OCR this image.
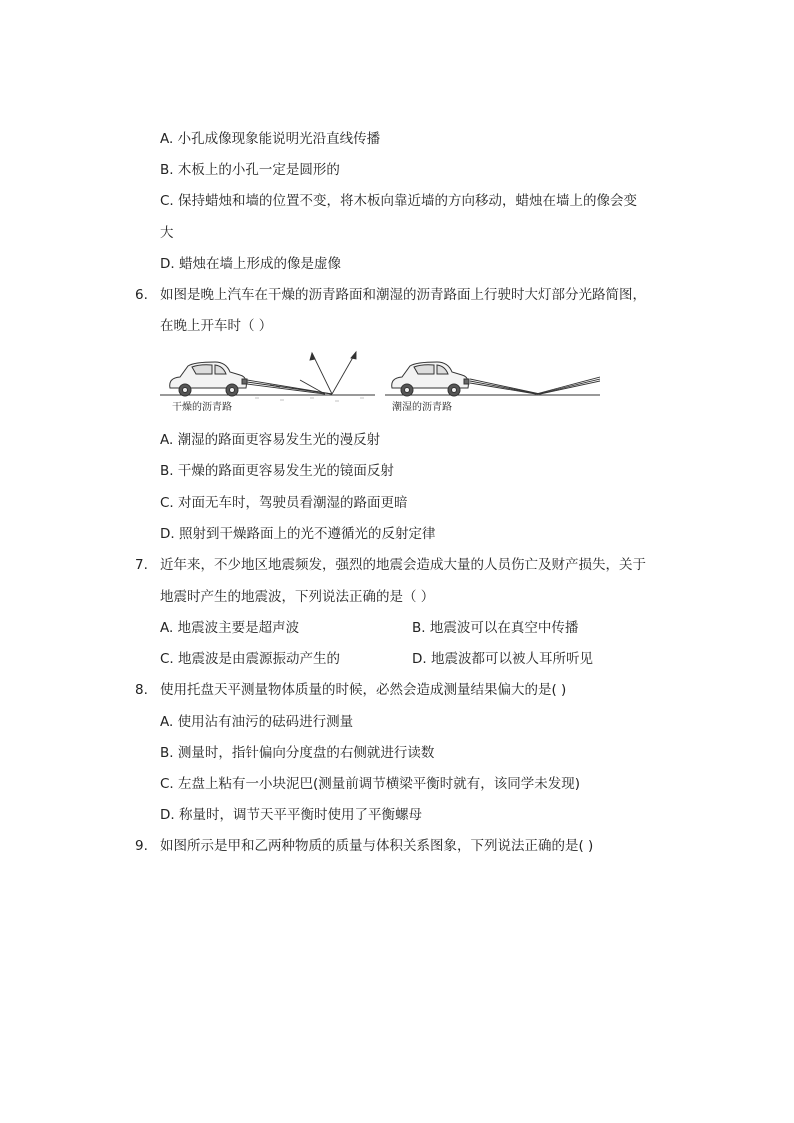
A. 小孔成像现象能说明光沿直线传播
B. 木板上的小孔一定是圆形的
C. 保持蜡烛和墙的位置不变，将木板向靠近墙的方向移动，蜡烛在墙上的像会变
大
D. 蜡烛在墙上形成的像是虚像
6. 如图是晚上汽车在干燥的沥青路面和潮湿的沥青路面上行驶时大灯部分光路简图，
在晚上开车时（ ）
干燥的沥青路	潮湿的沥青路
A. 潮湿的路面更容易发生光的漫反射
B. 干燥的路面更容易发生光的镜面反射
C. 对面无车时，驾驶员看潮湿的路面更暗
D. 照射到干燥路面上的光不遵循光的反射定律
7. 近年来，不少地区地震频发，强烈的地震会造成大量的人员伤亡及财产损失，关于
地震时产生的地震波，下列说法正确的是（ ）
A. 地震波主要是超声波	B. 地震波可以在真空中传播
C. 地震波是由震源振动产生的	D. 地震波都可以被人耳所听见
8. 使用托盘天平测量物体质量的时候，必然会造成测量结果偏大的是( )
A. 使用沾有油污的砝码进行测量
B. 测量时，指针偏向分度盘的右侧就进行读数
C. 左盘上粘有一小块泥巴(测量前调节横梁平衡时就有，该同学未发现)
D. 称量时，调节天平平衡时使用了平衡螺母
9. 如图所示是甲和乙两种物质的质量与体积关系图象，下列说法正确的是( )
